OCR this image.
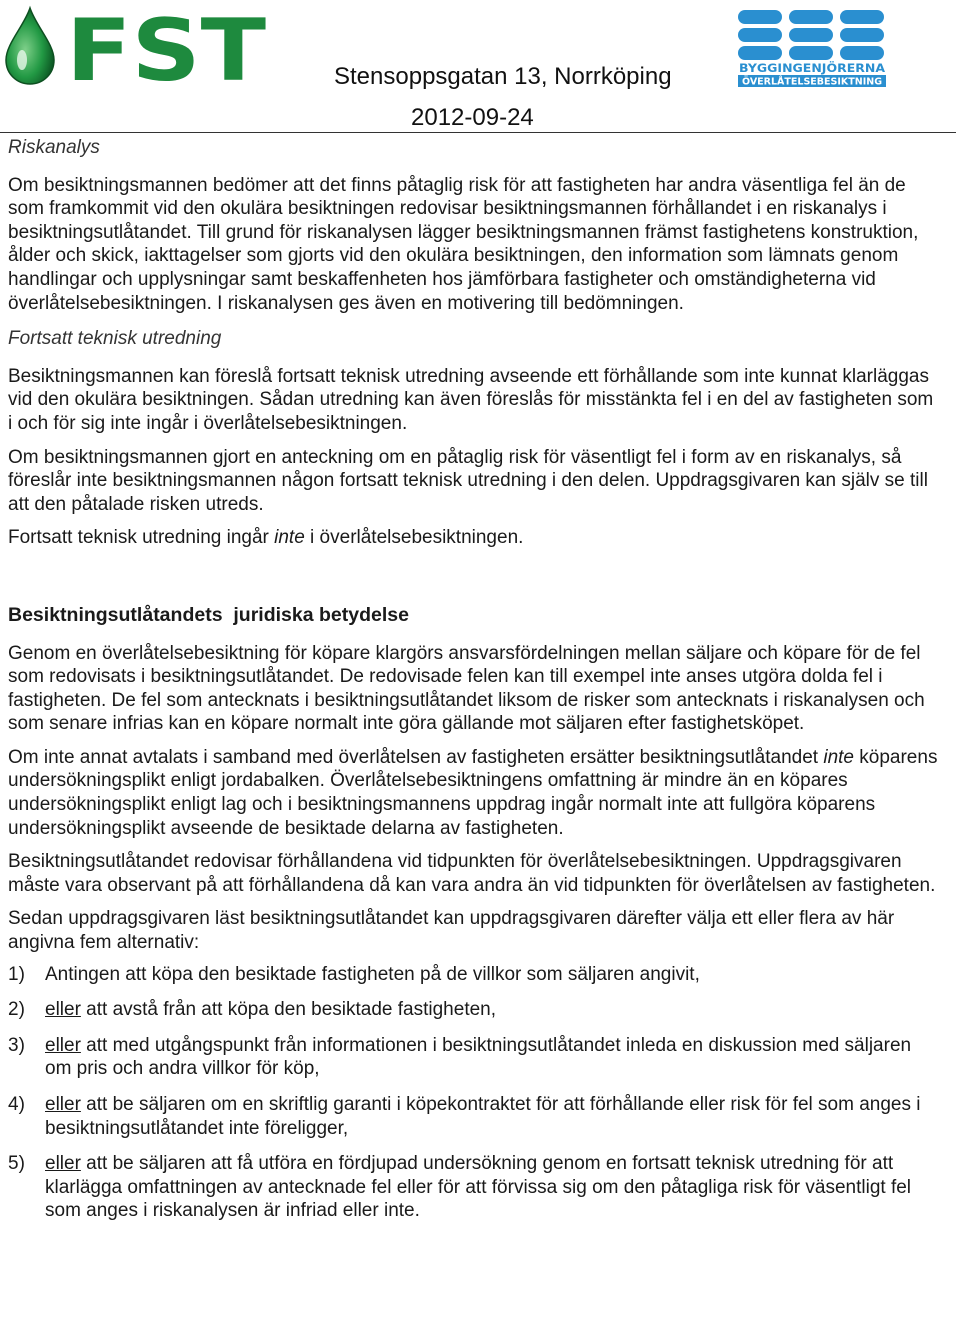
FST	BYGGINGENJÖRERNA
ÖVERLÅTELSEBESIKTNING
Stensoppsgatan 13, Norrköping
2012-09-24

Riskanalys

Om besiktningsmannen bedömer att det finns påtaglig risk för att fastigheten har andra väsentliga fel än de som framkommit vid den okulära besiktningen redovisar besiktningsmannen förhållandet i en riskanalys i besiktningsutlåtandet. Till grund för riskanalysen lägger besiktningsmannen främst fastighetens konstruktion, ålder och skick, iakttagelser som gjorts vid den okulära besiktningen, den information som lämnats genom handlingar och upplysningar samt beskaffenheten hos jämförbara fastigheter och omständigheterna vid överlåtelsebesiktningen. I riskanalysen ges även en motivering till bedömningen.

Fortsatt teknisk utredning

Besiktningsmannen kan föreslå fortsatt teknisk utredning avseende ett förhållande som inte kunnat klarläggas vid den okulära besiktningen. Sådan utredning kan även föreslås för misstänkta fel i en del av fastigheten som i och för sig inte ingår i överlåtelsebesiktningen.

Om besiktningsmannen gjort en anteckning om en påtaglig risk för väsentligt fel i form av en riskanalys, så föreslår inte besiktningsmannen någon fortsatt teknisk utredning i den delen. Uppdragsgivaren kan själv se till att den påtalade risken utreds.

Fortsatt teknisk utredning ingår inte i överlåtelsebesiktningen.

Besiktningsutlåtandets  juridiska betydelse

Genom en överlåtelsebesiktning för köpare klargörs ansvarsfördelningen mellan säljare och köpare för de fel som redovisats i besiktningsutlåtandet. De redovisade felen kan till exempel inte anses utgöra dolda fel i fastigheten. De fel som antecknats i besiktningsutlåtandet liksom de risker som antecknats i riskanalysen och som senare infrias kan en köpare normalt inte göra gällande mot säljaren efter fastighetsköpet.

Om inte annat avtalats i samband med överlåtelsen av fastigheten ersätter besiktningsutlåtandet inte köparens undersökningsplikt enligt jordabalken. Överlåtelsebesiktningens omfattning är mindre än en köpares undersökningsplikt enligt lag och i besiktningsmannens uppdrag ingår normalt inte att fullgöra köparens undersökningsplikt avseende de besiktade delarna av fastigheten.

Besiktningsutlåtandet redovisar förhållandena vid tidpunkten för överlåtelsebesiktningen. Uppdragsgivaren måste vara observant på att förhållandena då kan vara andra än vid tidpunkten för överlåtelsen av fastigheten.

Sedan uppdragsgivaren läst besiktningsutlåtandet kan uppdragsgivaren därefter välja ett eller flera av här angivna fem alternativ:

1)	Antingen att köpa den besiktade fastigheten på de villkor som säljaren angivit,
2)	eller att avstå från att köpa den besiktade fastigheten,
3)	eller att med utgångspunkt från informationen i besiktningsutlåtandet inleda en diskussion med säljaren om pris och andra villkor för köp,
4)	eller att be säljaren om en skriftlig garanti i köpekontraktet för att förhållande eller risk för fel som anges i besiktningsutlåtandet inte föreligger,
5)	eller att be säljaren att få utföra en fördjupad undersökning genom en fortsatt teknisk utredning för att klarlägga omfattningen av antecknade fel eller för att förvissa sig om den påtagliga risk för väsentligt fel som anges i riskanalysen är infriad eller inte.
